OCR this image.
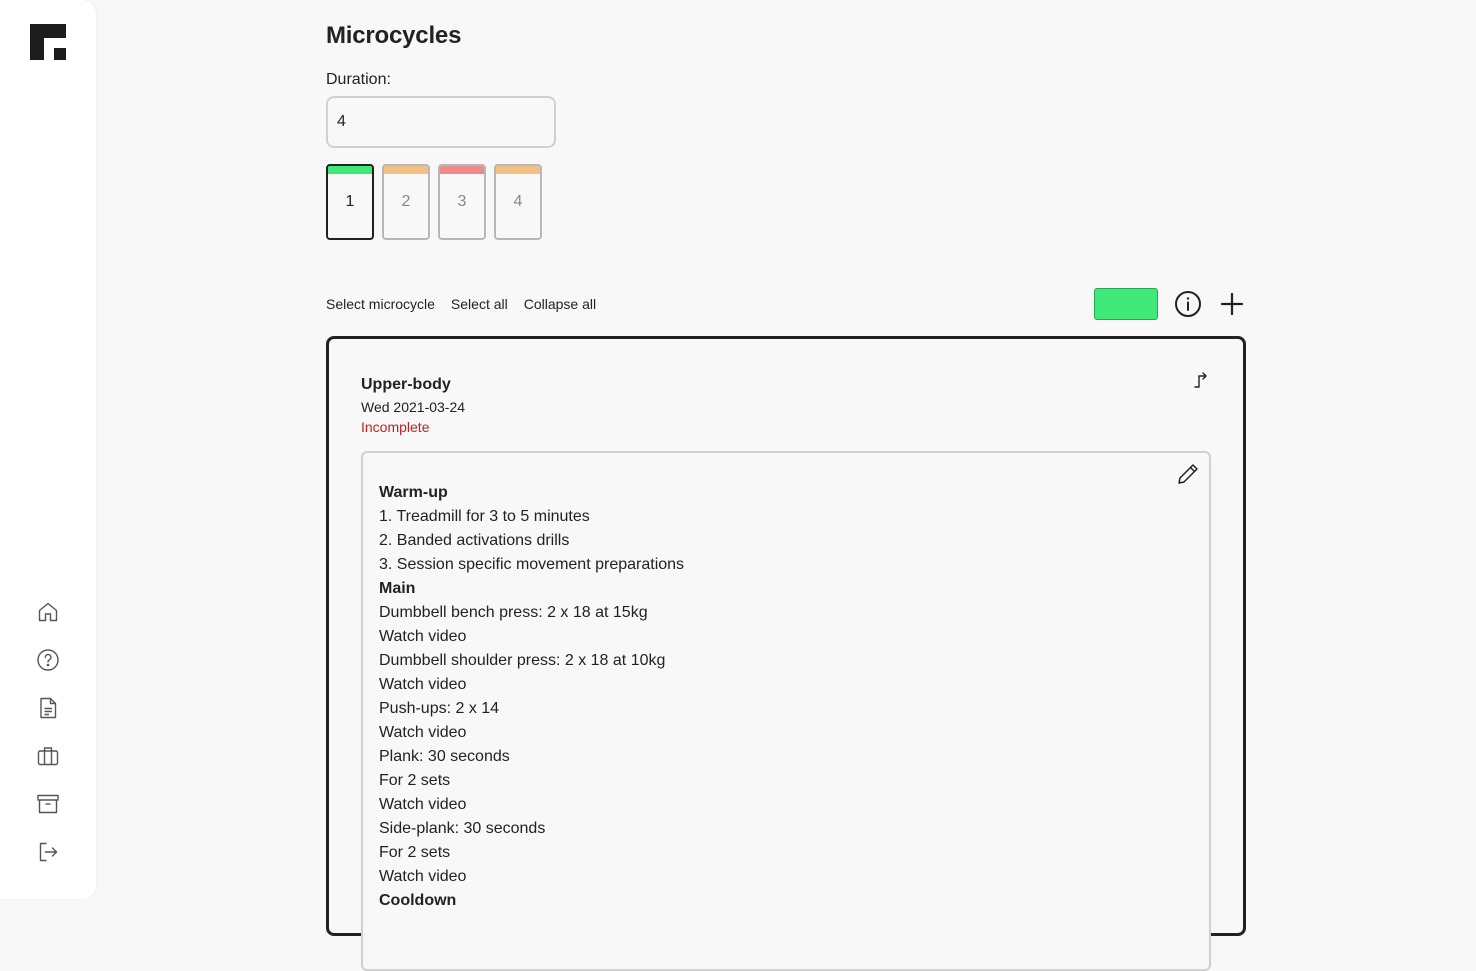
Microcycles
Duration:
4
1	2	3	4
Select microcycle Select all Collapse all
Upper-body
Wed 2021-03-24
Incomplete
Warm-up
1. Treadmill for 3 to 5 minutes
2. Banded activations drills
3. Session specific movement preparations
Main
Dumbbell bench press: 2 x 18 at 15kg
Watch video
Dumbbell shoulder press: 2 x 18 at 10kg
Watch video
Push-ups: 2 x 14
Watch video
Plank: 30 seconds
For 2 sets
Watch video
Side-plank: 30 seconds
For 2 sets
Watch video
Cooldown
